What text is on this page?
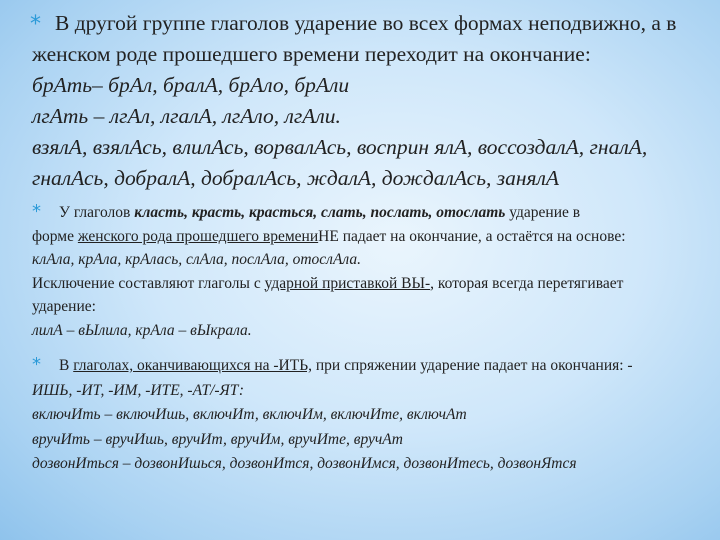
* В другой группе глаголов ударение во всех формах неподвижно, а в
женском роде прошедшего времени переходит на окончание:
брАть– брАл, бралА, брАло, брАли
лгАть – лгАл, лгалА, лгАло, лгАли.
взялА, взялАсь, влилАсь, ворвалАсь, восприн ялА, воссоздалА, гналА,
гналАсь, добралА, добралАсь, ждалА, дождалАсь, занялА
* У глаголов класть, красть, красться, слать, послать, отослать ударение в
форме женского рода прошедшего времениНЕ падает на окончание, а остаётся на основе:
клАла, крАла, крАлась, слАла, послАла, отослАла.
Исключение составляют глаголы с ударной приставкой ВЫ-, которая всегда перетягивает
ударение:
лилА – вЫлила, крАла – вЫкрала.
* В глаголах, оканчивающихся на -ИТЬ, при спряжении ударение падает на окончания: -
ИШЬ, -ИТ, -ИМ, -ИТЕ, -АТ/-ЯТ:
включИть – включИшь, включИт, включИм, включИте, включАт
вручИть – вручИшь, вручИт, вручИм, вручИте, вручАт
дозвонИться – дозвонИшься, дозвонИтся, дозвонИмся, дозвонИтесь, дозвонЯтся
